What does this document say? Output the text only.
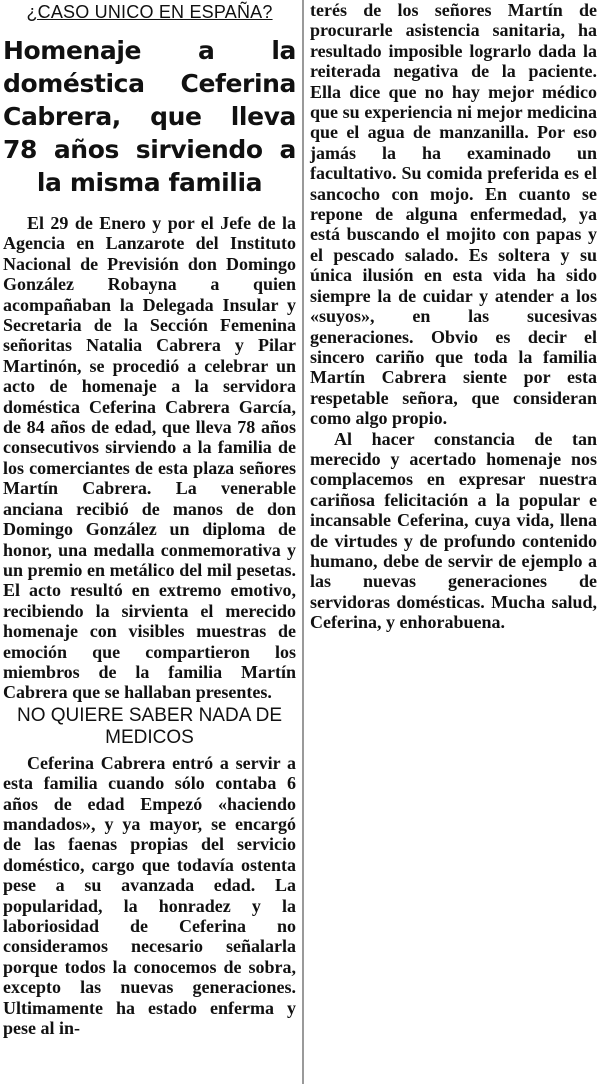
¿CASO UNICO EN ESPAÑA?
Homenaje a la doméstica Ceferina Cabrera, que lleva 78 años sirviendo a la misma familia

El 29 de Enero y por el Jefe de la Agencia en Lanzarote del Instituto Nacional de Previsión don Domingo González Robayna a quien acompañaban la Delegada Insular y Secretaria de la Sección Femenina señoritas Natalia Cabrera y Pilar Martinón, se procedió a celebrar un acto de homenaje a la servidora doméstica Ceferina Cabrera García, de 84 años de edad, que lleva 78 años consecutivos sirviendo a la familia de los comerciantes de esta plaza señores Martín Cabrera. La venerable anciana recibió de manos de don Domingo González un diploma de honor, una medalla conmemorativa y un premio en metálico del mil pesetas. El acto resultó en extremo emotivo, recibiendo la sirvienta el merecido homenaje con visibles muestras de emoción que compartieron los miembros de la familia Martín Cabrera que se hallaban presentes.

NO QUIERE SABER NADA DE MEDICOS

Ceferina Cabrera entró a servir a esta familia cuando sólo contaba 6 años de edad Empezó «haciendo mandados», y ya mayor, se encargó de las faenas propias del servicio doméstico, cargo que todavía ostenta pese a su avanzada edad. La popularidad, la honradez y la laboriosidad de Ceferina no consideramos necesario señalarla porque todos la conocemos de sobra, excepto las nuevas generaciones. Ultimamente ha estado enferma y pese al in-

terés de los señores Martín de procurarle asistencia sanitaria, ha resultado imposible lograrlo dada la reiterada negativa de la paciente. Ella dice que no hay mejor médico que su experiencia ni mejor medicina que el agua de manzanilla. Por eso jamás la ha examinado un facultativo. Su comida preferida es el sancocho con mojo. En cuanto se repone de alguna enfermedad, ya está buscando el mojito con papas y el pescado salado. Es soltera y su única ilusión en esta vida ha sido siempre la de cuidar y atender a los «suyos», en las sucesivas generaciones. Obvio es decir el sincero cariño que toda la familia Martín Cabrera siente por esta respetable señora, que consideran como algo propio.

Al hacer constancia de tan merecido y acertado homenaje nos complacemos en expresar nuestra cariñosa felicitación a la popular e incansable Ceferina, cuya vida, llena de virtudes y de profundo contenido humano, debe de servir de ejemplo a las nuevas generaciones de servidoras domésticas. Mucha salud, Ceferina, y enhorabuena.
